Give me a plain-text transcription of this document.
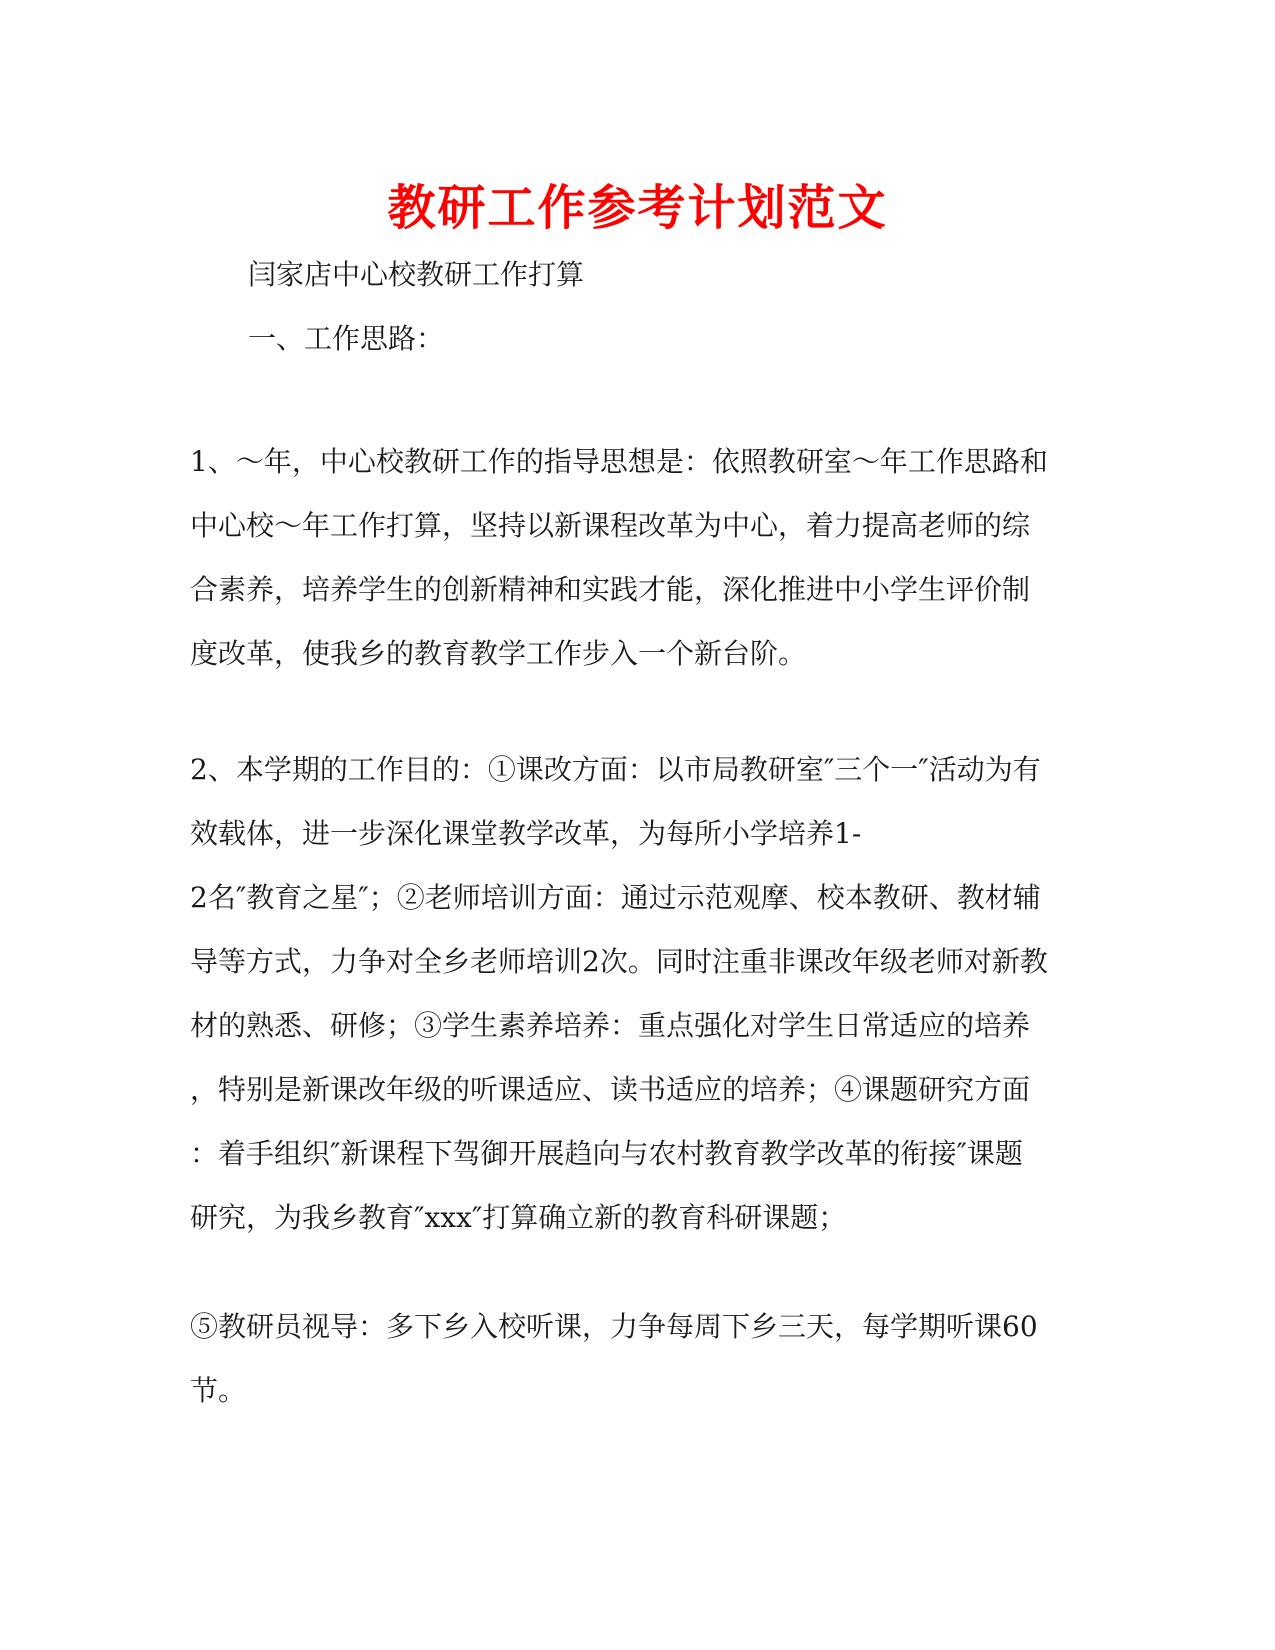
教研工作参考计划范文

闫家店中心校教研工作打算

一、工作思路：

1、～年，中心校教研工作的指导思想是：依照教研室～年工作思路和
中心校～年工作打算，坚持以新课程改革为中心，着力提高老师的综
合素养，培养学生的创新精神和实践才能，深化推进中小学生评价制
度改革，使我乡的教育教学工作步入一个新台阶。

2、本学期的工作目的：①课改方面：以市局教研室″三个一″活动为有
效载体，进一步深化课堂教学改革，为每所小学培养1-
2名″教育之星″；②老师培训方面：通过示范观摩、校本教研、教材辅
导等方式，力争对全乡老师培训2次。同时注重非课改年级老师对新教
材的熟悉、研修；③学生素养培养：重点强化对学生日常适应的培养
，特别是新课改年级的听课适应、读书适应的培养；④课题研究方面
：着手组织″新课程下驾御开展趋向与农村教育教学改革的衔接″课题
研究，为我乡教育″xxx″打算确立新的教育科研课题；

⑤教研员视导：多下乡入校听课，力争每周下乡三天，每学期听课60
节。
